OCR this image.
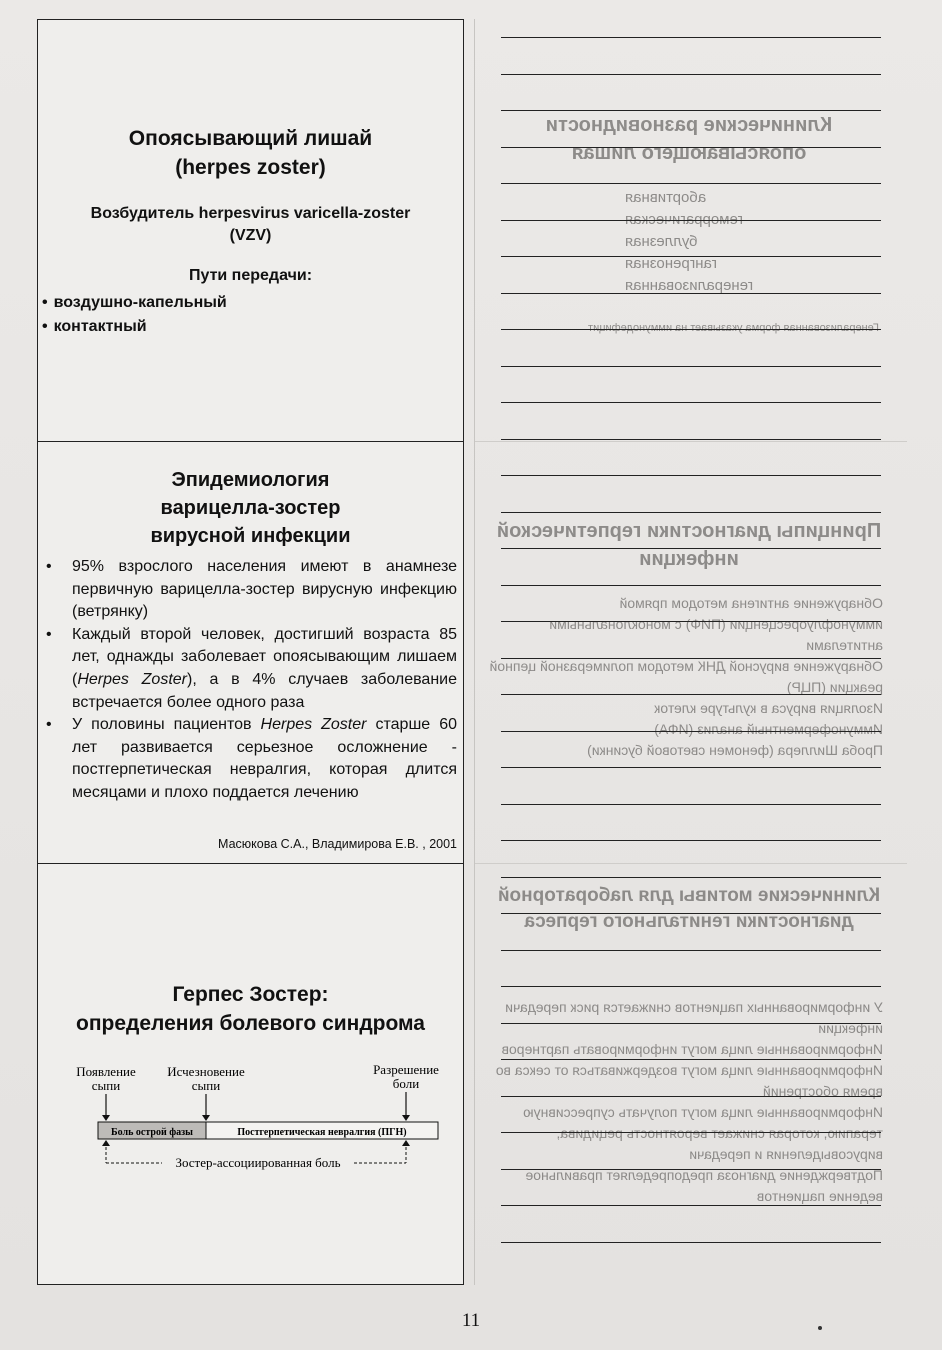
Опоясывающий лишай
(herpes zoster)
Возбудитель herpesvirus varicella-zoster
(VZV)
Пути передачи:
• воздушно-капельный
• контактный
Эпидемиология
варицелла-зостер
вирусной инфекции
• 95% взрослого населения имеют в анамнезе первичную варицелла-зостер вирусную инфекцию (ветрянку)
• Каждый второй человек, достигший возраста 85 лет, однажды заболевает опоясывающим лишаем (Herpes Zoster), а в 4% случаев заболевание встречается более одного раза
• У половины пациентов Herpes Zoster старше 60 лет развивается серьезное осложнение - постгерпетическая невралгия, которая длится месяцами и плохо поддается лечению
Масюкова С.А., Владимирова Е.В. , 2001
Герпес Зостер:
определения болевого синдрома
Появление
сыпи
Исчезновение
сыпи
Разрешение
боли
Боль острой фазы	Постгерпетическая невралгия (ПГН)
Зостер-ассоциированная боль
Клинические разновидности опоясывающего лишая
абортивная
геморрагическая
буллезная
гангренозная
генерализованная
Генерализованная форма указывает на иммунодефицит
Принципы диагностики герпетической инфекции
Обнаружение антигена методом прямой иммунофлуоресценции (ПИФ) с моноклональными антителами
Обнаружение вирусной ДНК методом полимеразной цепной реакции (ПЦР)
Изоляция вируса в культуре клеток
Иммуноферментный анализ (ИФА)
Проба Шиллера (феномен световой бусинки)
Клинические мотивы для лабораторной диагностики генитального герпеса
У информированных пациентов снижается риск передачи инфекции
Информированные лица могут информировать партнеров
Информированные лица могут воздерживаться от секса во время обострений
Информированные лица могут получать супрессивную терапию, которая снижает вероятность рецидива, вирусовыделения и передачи
Подтверждение диагноза предопределяет правильное ведение пациентов
11
